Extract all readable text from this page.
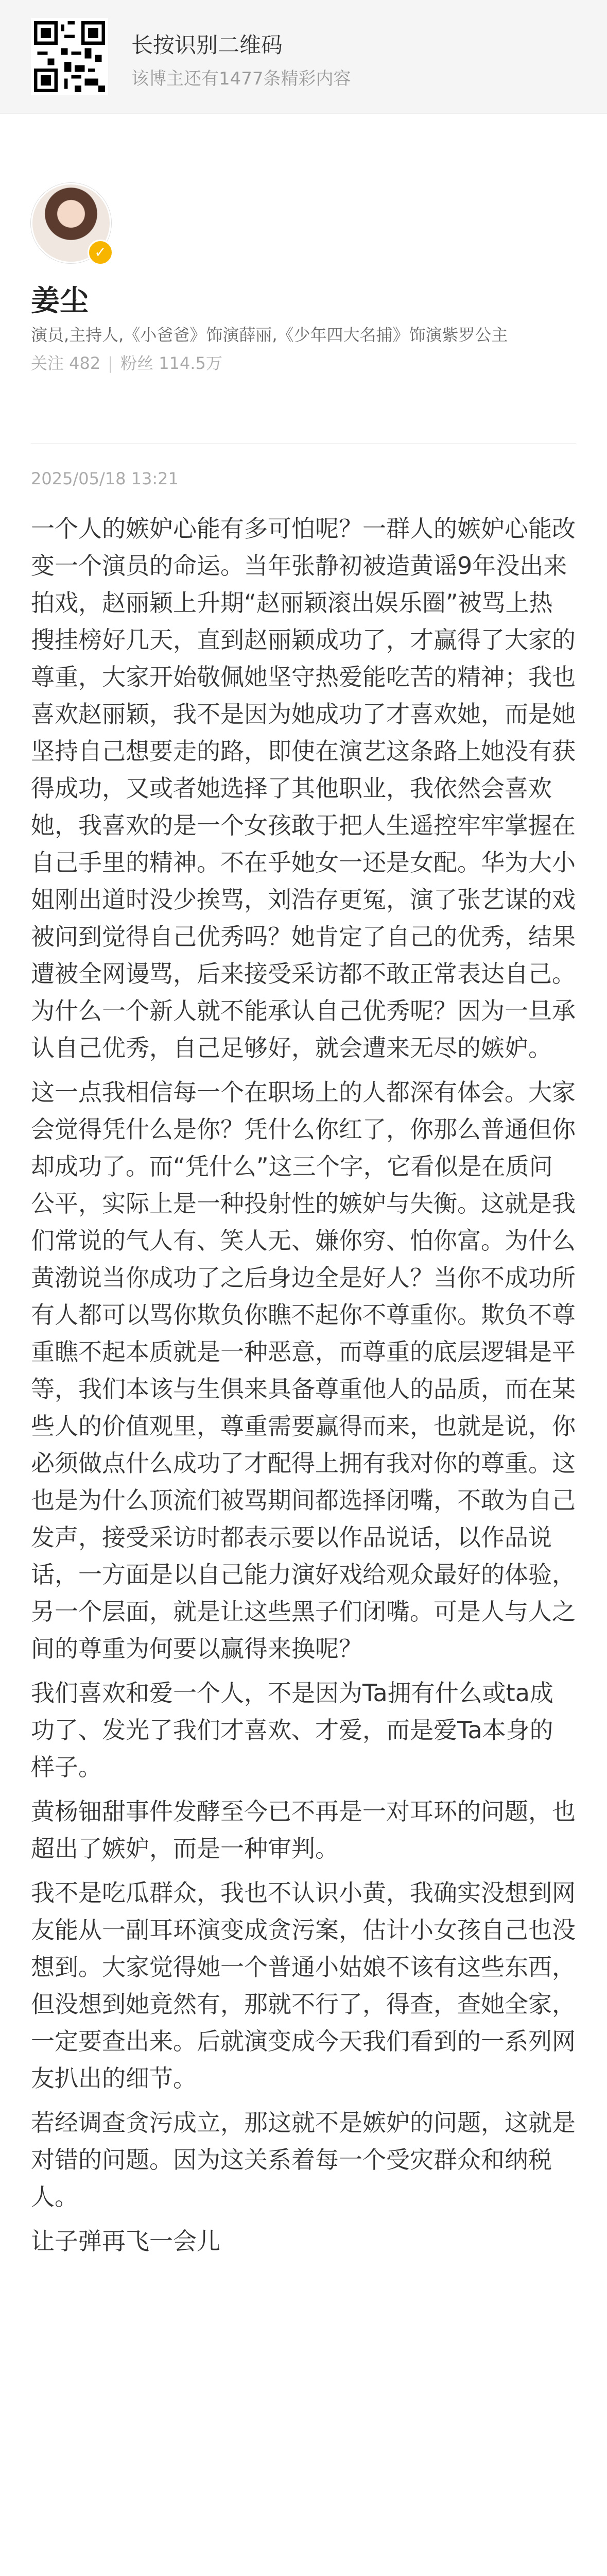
长按识别二维码
该博主还有1477条精彩内容
✓
姜尘
演员,主持人,《小爸爸》饰演薛丽,《少年四大名捕》饰演紫罗公主
关注 482 | 粉丝 114.5万
2025/05/18 13:21

一个人的嫉妒心能有多可怕呢？一群人的嫉妒心能改变一个演员的命运。当年张静初被造黄谣9年没出来拍戏，赵丽颖上升期“赵丽颖滚出娱乐圈”被骂上热搜挂榜好几天，直到赵丽颖成功了，才赢得了大家的尊重，大家开始敬佩她坚守热爱能吃苦的精神；我也喜欢赵丽颖，我不是因为她成功了才喜欢她，而是她坚持自己想要走的路，即使在演艺这条路上她没有获得成功，又或者她选择了其他职业，我依然会喜欢她，我喜欢的是一个女孩敢于把人生遥控牢牢掌握在自己手里的精神。不在乎她女一还是女配。华为大小姐刚出道时没少挨骂，刘浩存更冤，演了张艺谋的戏被问到觉得自己优秀吗？她肯定了自己的优秀，结果遭被全网谩骂，后来接受采访都不敢正常表达自己。为什么一个新人就不能承认自己优秀呢？因为一旦承认自己优秀，自己足够好，就会遭来无尽的嫉妒。

这一点我相信每一个在职场上的人都深有体会。大家会觉得凭什么是你？凭什么你红了，你那么普通但你却成功了。而“凭什么”这三个字，它看似是在质问公平，实际上是一种投射性的嫉妒与失衡。这就是我们常说的气人有、笑人无、嫌你穷、怕你富。为什么黄渤说当你成功了之后身边全是好人？当你不成功所有人都可以骂你欺负你瞧不起你不尊重你。欺负不尊重瞧不起本质就是一种恶意，而尊重的底层逻辑是平等，我们本该与生俱来具备尊重他人的品质，而在某些人的价值观里，尊重需要赢得而来，也就是说，你必须做点什么成功了才配得上拥有我对你的尊重。这也是为什么顶流们被骂期间都选择闭嘴，不敢为自己发声，接受采访时都表示要以作品说话，以作品说话，一方面是以自己能力演好戏给观众最好的体验，另一个层面，就是让这些黑子们闭嘴。可是人与人之间的尊重为何要以赢得来换呢？

我们喜欢和爱一个人，不是因为Ta拥有什么或ta成功了、发光了我们才喜欢、才爱，而是爱Ta本身的样子。

黄杨钿甜事件发酵至今已不再是一对耳环的问题，也超出了嫉妒，而是一种审判。

我不是吃瓜群众，我也不认识小黄，我确实没想到网友能从一副耳环演变成贪污案，估计小女孩自己也没想到。大家觉得她一个普通小姑娘不该有这些东西，但没想到她竟然有，那就不行了，得查，查她全家，一定要查出来。后就演变成今天我们看到的一系列网友扒出的细节。

若经调查贪污成立，那这就不是嫉妒的问题，这就是对错的问题。因为这关系着每一个受灾群众和纳税人。

让子弹再飞一会儿
